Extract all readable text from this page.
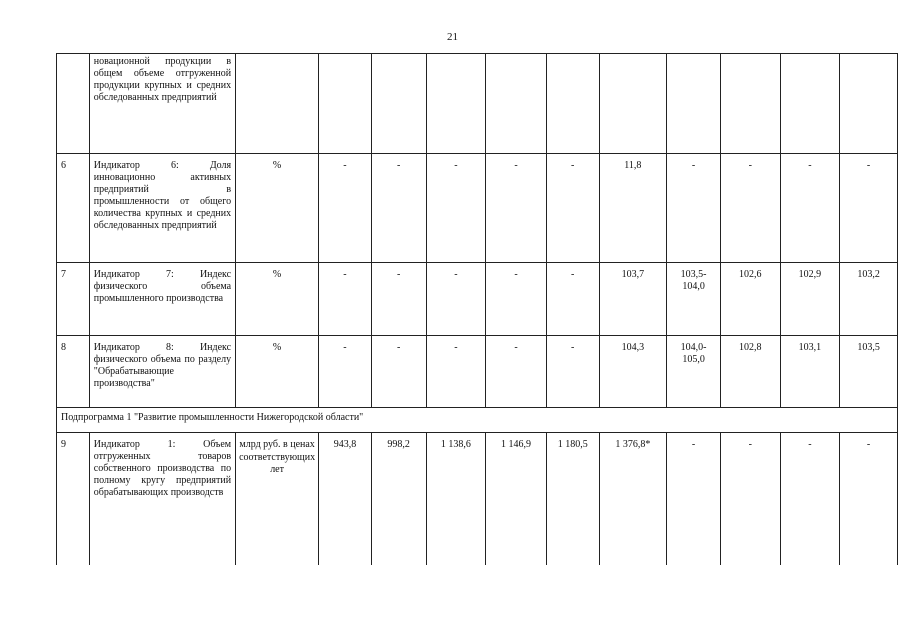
21
	новационной продукции в общем объеме отгруженной продукции крупных и средних обследованных предприятий												
6	Индикатор 6: Доля инновационно активных предприятий в промышленности от общего количества крупных и средних обследованных предприятий	%	-	-	-	-	-	11,8	-	-	-	-	
7	Индикатор 7: Индекс физического объема промышленного производства	%	-	-	-	-	-	103,7	103,5-104,0	102,6	102,9	103,2	
8	Индикатор 8: Индекс физического объема по разделу "Обрабатывающие производства"	%	-	-	-	-	-	104,3	104,0-105,0	102,8	103,1	103,5	
Подпрограмма 1 "Развитие промышленности Нижегородской области"													
9	Индикатор 1: Объем отгруженных товаров собственного производства по полному кругу предприятий обрабатывающих производств	млрд руб. в ценах соответствующих лет	943,8	998,2	1 138,6	1 146,9	1 180,5	1 376,8*	-	-	-	-	
